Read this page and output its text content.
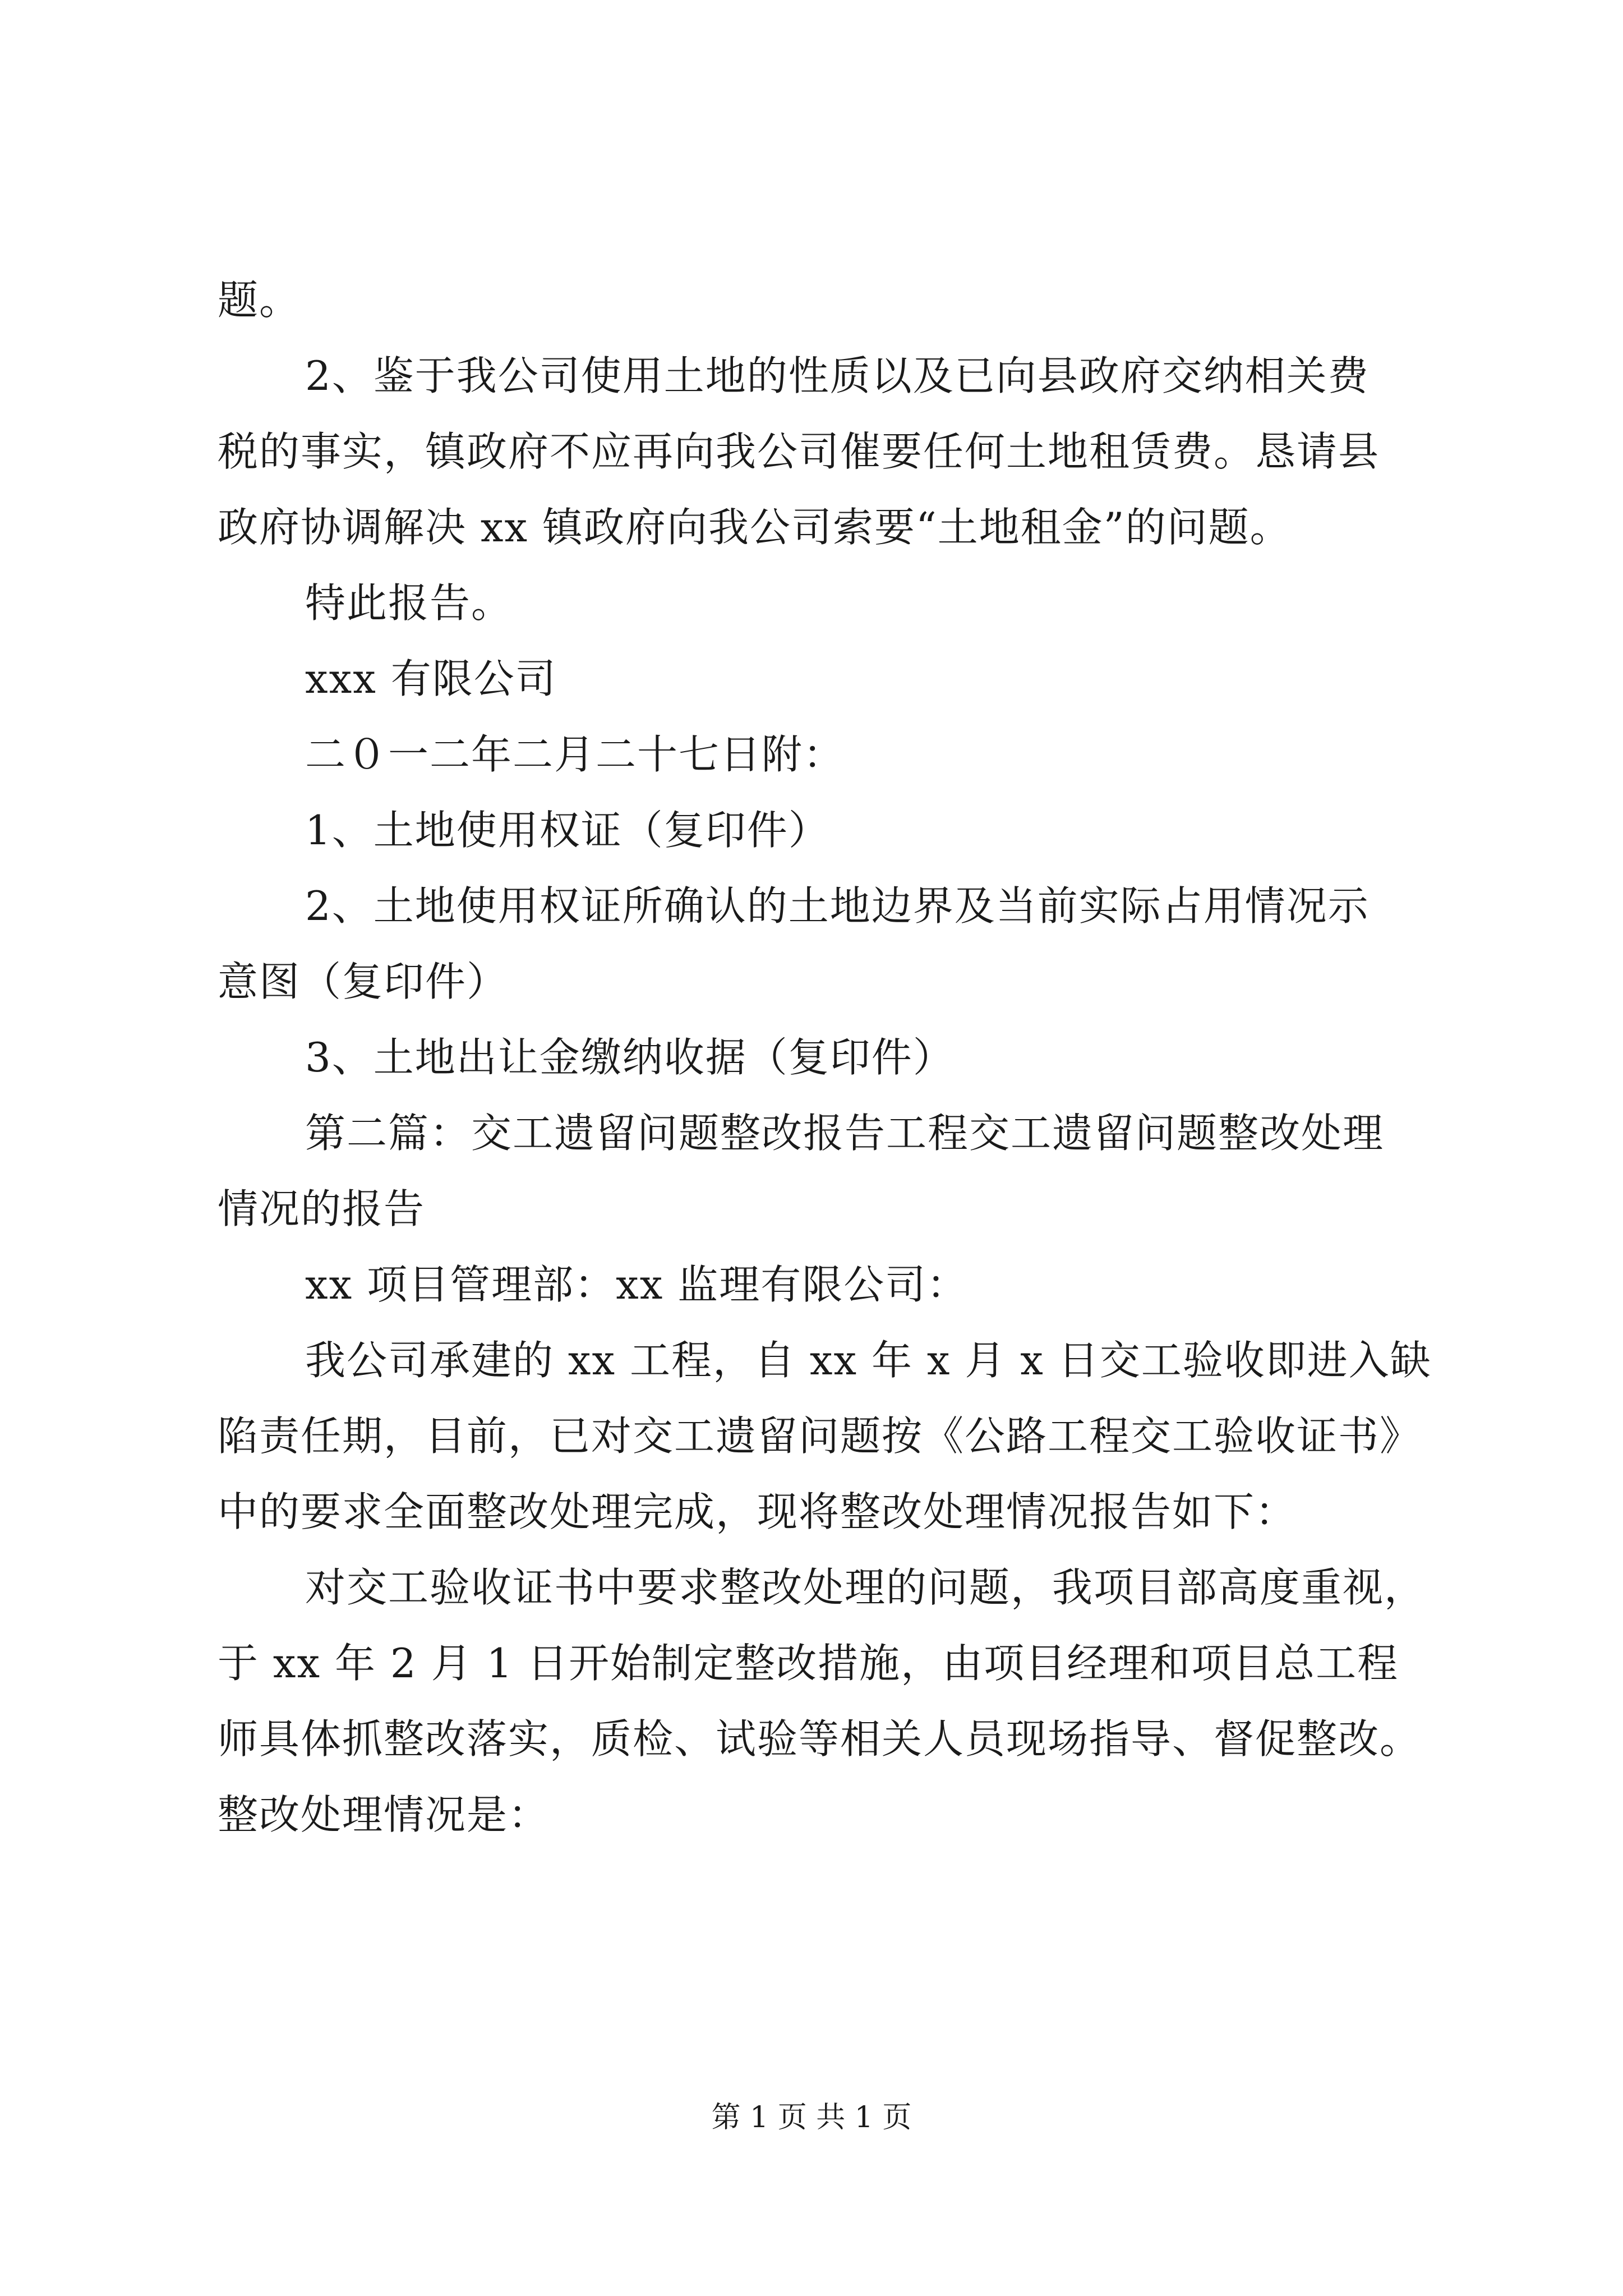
题。
2、鉴于我公司使用土地的性质以及已向县政府交纳相关费
税的事实，镇政府不应再向我公司催要任何土地租赁费。恳请县
政府协调解决 xx 镇政府向我公司索要“土地租金”的问题。
特此报告。
xxx 有限公司
二０一二年二月二十七日附：
1、土地使用权证（复印件）
2、土地使用权证所确认的土地边界及当前实际占用情况示
意图（复印件）
3、土地出让金缴纳收据（复印件）
第二篇：交工遗留问题整改报告工程交工遗留问题整改处理
情况的报告
xx 项目管理部：xx 监理有限公司：
我公司承建的 xx 工程，自 xx 年 x 月 x 日交工验收即进入缺
陷责任期，目前，已对交工遗留问题按《公路工程交工验收证书》
中的要求全面整改处理完成，现将整改处理情况报告如下：
对交工验收证书中要求整改处理的问题，我项目部高度重视，
于 xx 年 2 月 1 日开始制定整改措施，由项目经理和项目总工程
师具体抓整改落实，质检、试验等相关人员现场指导、督促整改。
整改处理情况是：
第 1 页 共 1 页
